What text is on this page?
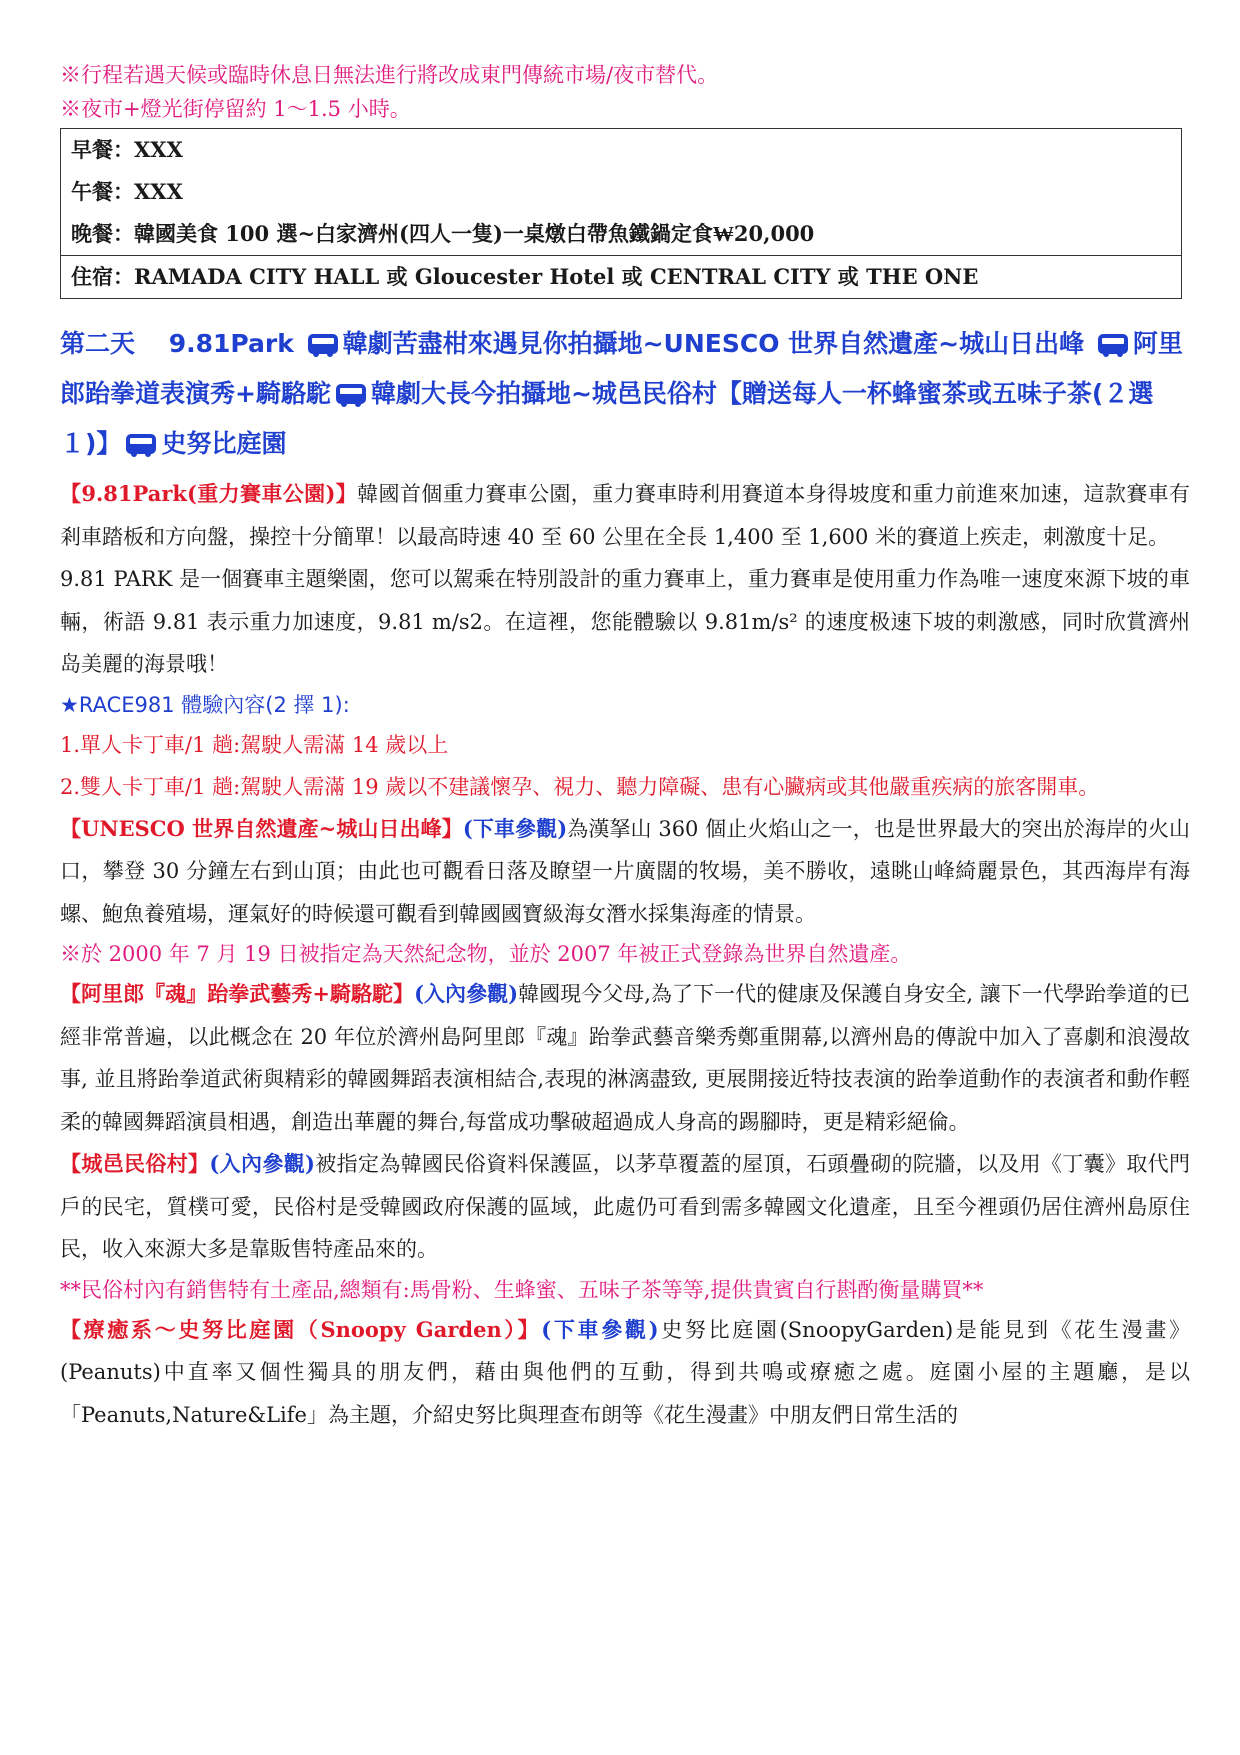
※行程若遇天候或臨時休息日無法進行將改成東門傳統市場/夜市替代。
※夜市+燈光街停留約 1～1.5 小時。
早餐：XXX
午餐：XXX
晚餐：韓國美食 100 選~白家濟州(四人一隻)一桌燉白帶魚鐵鍋定食₩20,000
住宿：RAMADA CITY HALL 或 Gloucester Hotel 或 CENTRAL CITY 或 THE ONE
第二天　 9.81Park 韓劇苦盡柑來遇見你拍攝地~UNESCO 世界自然遺產~城山日出峰 阿里郎跆拳道表演秀+騎駱駝 韓劇大長今拍攝地~城邑民俗村【贈送每人一杯蜂蜜茶或五味子茶(２選１)】 史努比庭園
【9.81Park(重力賽車公園)】韓國首個重力賽車公園，重力賽車時利用賽道本身得坡度和重力前進來加速，這款賽車有剎車踏板和方向盤，操控十分簡單！以最高時速 40 至 60 公里在全長 1,400 至 1,600 米的賽道上疾走，刺激度十足。
9.81 PARK 是一個賽車主題樂園，您可以駕乘在特別設計的重力賽車上，重力賽車是使用重力作為唯一速度來源下坡的車輛，術語 9.81 表示重力加速度，9.81 m/s2。在這裡，您能體驗以 9.81m/s² 的速度极速下坡的刺激感，同时欣賞濟州岛美麗的海景哦！
★RACE981 體驗內容(2 擇 1):
1.單人卡丁車/1 趟:駕駛人需滿 14 歲以上
2.雙人卡丁車/1 趟:駕駛人需滿 19 歲以不建議懷孕、視力、聽力障礙、患有心臟病或其他嚴重疾病的旅客開車。
【UNESCO 世界自然遺產~城山日出峰】(下車參觀)為漢拏山 360 個止火焰山之一，也是世界最大的突出於海岸的火山口，攀登 30 分鐘左右到山頂；由此也可觀看日落及瞭望一片廣闊的牧場，美不勝收，遠眺山峰綺麗景色，其西海岸有海螺、鮑魚養殖場，運氣好的時候還可觀看到韓國國寶級海女潛水採集海產的情景。
※於 2000 年 7 月 19 日被指定為天然紀念物，並於 2007 年被正式登錄為世界自然遺產。
【阿里郎『魂』跆拳武藝秀+騎駱駝】(入內參觀)韓國現今父母,為了下一代的健康及保護自身安全, 讓下一代學跆拳道的已經非常普遍，以此概念在 20 年位於濟州島阿里郎『魂』跆拳武藝音樂秀鄭重開幕,以濟州島的傳說中加入了喜劇和浪漫故事, 並且將跆拳道武術與精彩的韓國舞蹈表演相結合,表現的淋漓盡致, 更展開接近特技表演的跆拳道動作的表演者和動作輕柔的韓國舞蹈演員相遇，創造出華麗的舞台,每當成功擊破超過成人身高的踢腳時，更是精彩絕倫。
【城邑民俗村】(入內參觀)被指定為韓國民俗資料保護區，以茅草覆蓋的屋頂，石頭疊砌的院牆，以及用《丁囊》取代門戶的民宅，質樸可愛，民俗村是受韓國政府保護的區域，此處仍可看到需多韓國文化遺產，且至今裡頭仍居住濟州島原住民，收入來源大多是靠販售特產品來的。
**民俗村內有銷售特有土產品,總類有:馬骨粉、生蜂蜜、五味子茶等等,提供貴賓自行斟酌衡量購買**
【療癒系～史努比庭園（Snoopy Garden）】(下車參觀)史努比庭園(SnoopyGarden)是能見到《花生漫畫》(Peanuts)中直率又個性獨具的朋友們，藉由與他們的互動，得到共鳴或療癒之處。庭園小屋的主題廳，是以「Peanuts,Nature&Life」為主題，介紹史努比與理查布朗等《花生漫畫》中朋友們日常生活的
